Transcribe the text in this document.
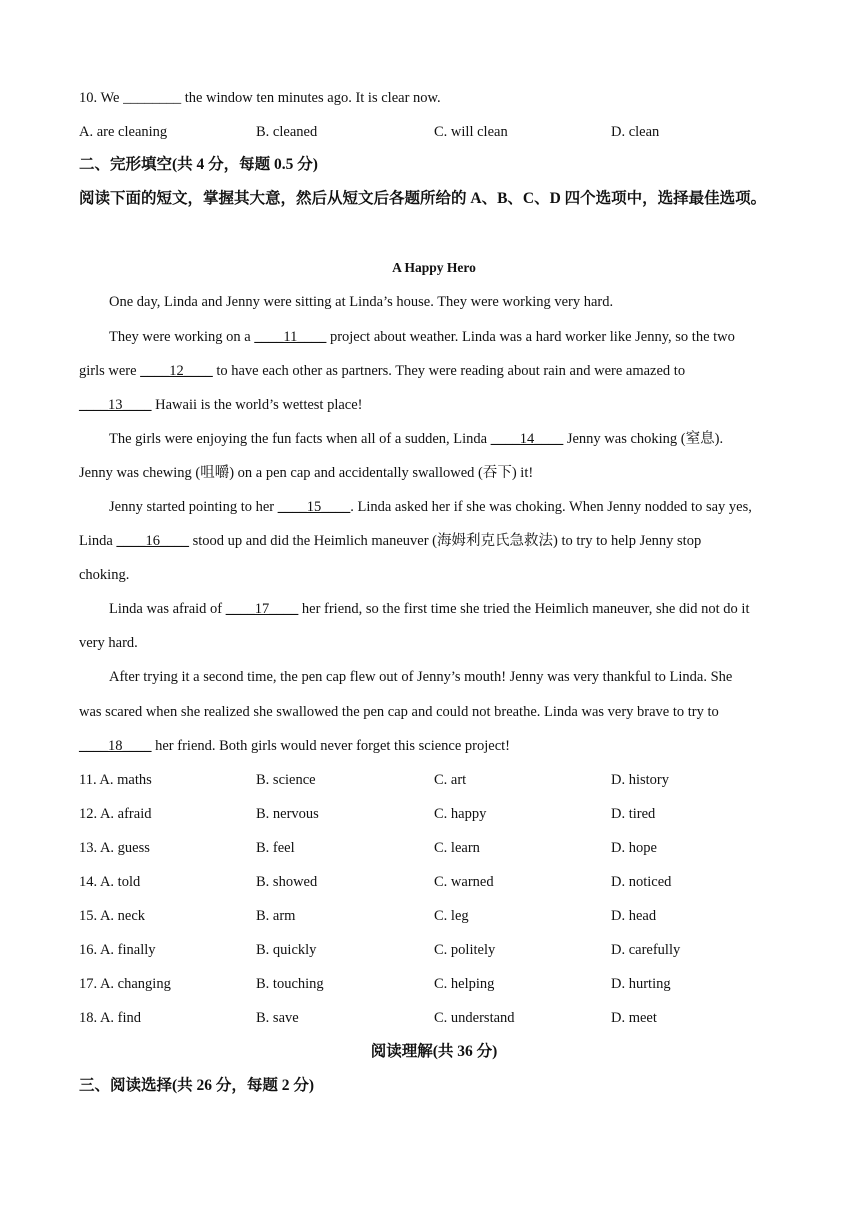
10. We ________ the window ten minutes ago. It is clear now.
A. are cleaning	B. cleaned	C. will clean	D. clean
二、完形填空(共 4 分，每题 0.5 分)
阅读下面的短文，掌握其大意，然后从短文后各题所给的 A、B、C、D 四个选项中，选择最佳选项。
A Happy Hero
One day, Linda and Jenny were sitting at Linda’s house. They were working very hard.
They were working on a ____11____ project about weather. Linda was a hard worker like Jenny, so the two
girls were ____12____ to have each other as partners. They were reading about rain and were amazed to
____13____ Hawaii is the world’s wettest place!
The girls were enjoying the fun facts when all of a sudden, Linda ____14____ Jenny was choking (窒息).
Jenny was chewing (咀嚼) on a pen cap and accidentally swallowed (吞下) it!
Jenny started pointing to her ____15____. Linda asked her if she was choking. When Jenny nodded to say yes,
Linda ____16____ stood up and did the Heimlich maneuver (海姆利克氏急救法) to try to help Jenny stop
choking.
Linda was afraid of ____17____ her friend, so the first time she tried the Heimlich maneuver, she did not do it
very hard.
After trying it a second time, the pen cap flew out of Jenny’s mouth! Jenny was very thankful to Linda. She
was scared when she realized she swallowed the pen cap and could not breathe. Linda was very brave to try to
____18____ her friend. Both girls would never forget this science project!
11. A. maths	B. science	C. art	D. history
12. A. afraid	B. nervous	C. happy	D. tired
13. A. guess	B. feel	C. learn	D. hope
14. A. told	B. showed	C. warned	D. noticed
15. A. neck	B. arm	C. leg	D. head
16. A. finally	B. quickly	C. politely	D. carefully
17. A. changing	B. touching	C. helping	D. hurting
18. A. find	B. save	C. understand	D. meet
阅读理解(共 36 分)
三、阅读选择(共 26 分，每题 2 分)
